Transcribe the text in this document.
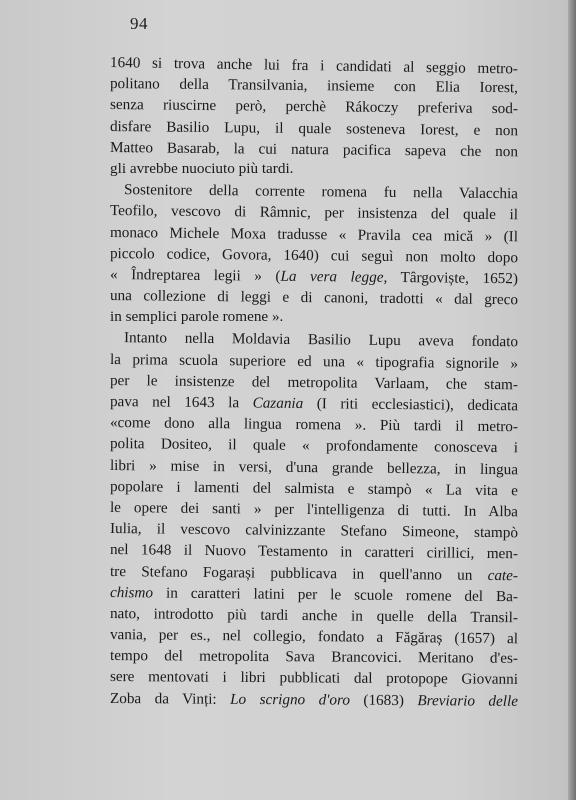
94
1640 si trova anche lui fra i candidati al seggio metro-
politano della Transilvania, insieme con Elia Iorest,
senza riuscirne però, perchè Rákoczy preferiva sod-
disfare Basilio Lupu, il quale sosteneva Iorest, e non
Matteo Basarab, la cui natura pacifica sapeva che non
gli avrebbe nuociuto più tardi.
Sostenitore della corrente romena fu nella Valacchia
Teofilo, vescovo di Râmnic, per insistenza del quale il
monaco Michele Moxa tradusse « Pravila cea mică » (Il
piccolo codice, Govora, 1640) cui seguì non molto dopo
« Îndreptarea legii » (La vera legge, Târgoviște, 1652)
una collezione di leggi e di canoni, tradotti « dal greco
in semplici parole romene ».
Intanto nella Moldavia Basilio Lupu aveva fondato
la prima scuola superiore ed una « tipografia signorile »
per le insistenze del metropolita Varlaam, che stam-
pava nel 1643 la Cazania (I riti ecclesiastici), dedicata
«come dono alla lingua romena ». Più tardi il metro-
polita Dositeo, il quale « profondamente conosceva i
libri » mise in versi, d'una grande bellezza, in lingua
popolare i lamenti del salmista e stampò « La vita e
le opere dei santi » per l'intelligenza di tutti. In Alba
Iulia, il vescovo calvinizzante Stefano Simeone, stampò
nel 1648 il Nuovo Testamento in caratteri cirillici, men-
tre Stefano Fogarași pubblicava in quell'anno un cate-
chismo in caratteri latini per le scuole romene del Ba-
nato, introdotto più tardi anche in quelle della Transil-
vania, per es., nel collegio, fondato a Făgăraș (1657) al
tempo del metropolita Sava Brancovici. Meritano d'es-
sere mentovati i libri pubblicati dal protopope Giovanni
Zoba da Vinți: Lo scrigno d'oro (1683) Breviario delle
